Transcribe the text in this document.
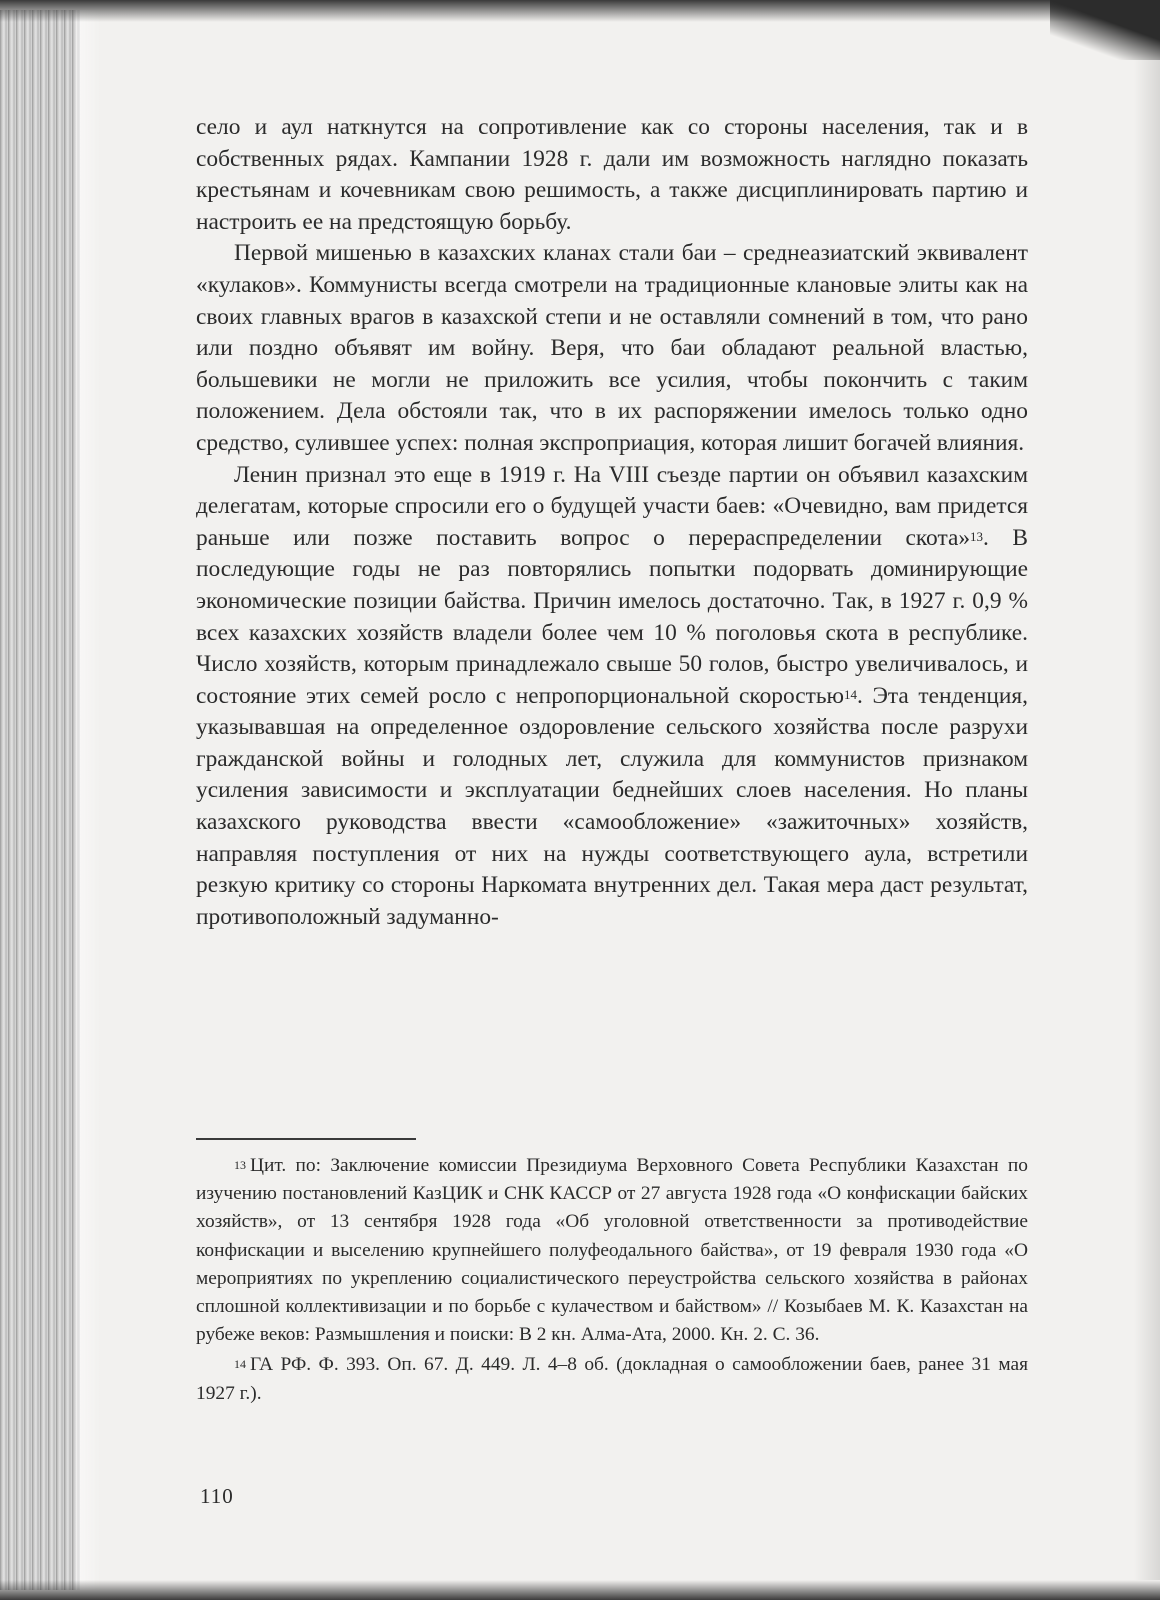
село и аул наткнутся на сопротивление как со стороны населения, так и в собственных рядах. Кампании 1928 г. дали им возможность наглядно показать крестьянам и кочевникам свою решимость, а также дисциплинировать партию и настроить ее на предстоящую борьбу.

Первой мишенью в казахских кланах стали баи – среднеазиатский эквивалент «кулаков». Коммунисты всегда смотрели на традиционные клановые элиты как на своих главных врагов в казахской степи и не оставляли сомнений в том, что рано или поздно объявят им войну. Веря, что баи обладают реальной властью, большевики не могли не приложить все усилия, чтобы покончить с таким положением. Дела обстояли так, что в их распоряжении имелось только одно средство, сулившее успех: полная экспроприация, которая лишит богачей влияния.

Ленин признал это еще в 1919 г. На VIII съезде партии он объявил казахским делегатам, которые спросили его о будущей участи баев: «Очевидно, вам придется раньше или позже поставить вопрос о перераспределении скота»$^{13}$. В последующие годы не раз повторялись попытки подорвать доминирующие экономические позиции байства. Причин имелось достаточно. Так, в 1927 г. 0,9 % всех казахских хозяйств владели более чем 10 % поголовья скота в республике. Число хозяйств, которым принадлежало свыше 50 голов, быстро увеличивалось, и состояние этих семей росло с непропорциональной скоростью$^{14}$. Эта тенденция, указывавшая на определенное оздоровление сельского хозяйства после разрухи гражданской войны и голодных лет, служила для коммунистов признаком усиления зависимости и эксплуатации беднейших слоев населения. Но планы казахского руководства ввести «самообложение» «зажиточных» хозяйств, направляя поступления от них на нужды соответствующего аула, встретили резкую критику со стороны Наркомата внутренних дел. Такая мера даст результат, противоположный задуманно-

$^{13}$ Цит. по: Заключение комиссии Президиума Верховного Совета Республики Казахстан по изучению постановлений КазЦИК и СНК КАССР от 27 августа 1928 года «О конфискации байских хозяйств», от 13 сентября 1928 года «Об уголовной ответственности за противодействие конфискации и выселению крупнейшего полуфеодального байства», от 19 февраля 1930 года «О мероприятиях по укреплению социалистического переустройства сельского хозяйства в районах сплошной коллективизации и по борьбе с кулачеством и байством» // Козыбаев М. К. Казахстан на рубеже веков: Размышления и поиски: В 2 кн. Алма-Ата, 2000. Кн. 2. С. 36.

$^{14}$ ГА РФ. Ф. 393. Оп. 67. Д. 449. Л. 4–8 об. (докладная о самообложении баев, ранее 31 мая 1927 г.).

110
